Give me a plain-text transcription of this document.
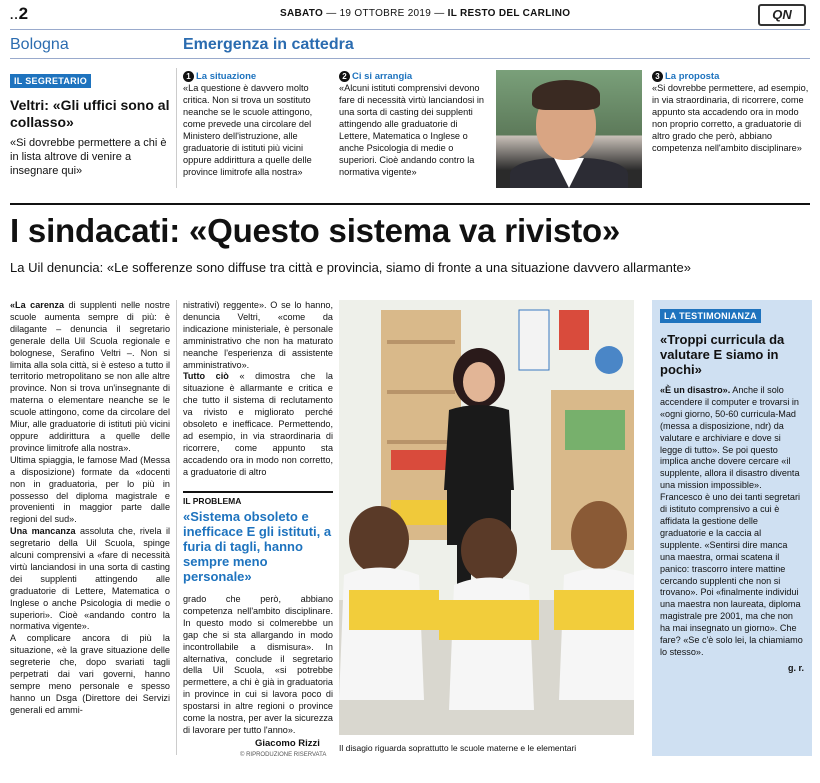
..2	SABATO — 19 OTTOBRE 2019 — IL RESTO DEL CARLINO	QN
Bologna	Emergenza in cattedra
IL SEGRETARIO
Veltri: «Gli uffici sono al collasso»
«Si dovrebbe permettere a chi è in lista altrove di venire a insegnare qui»
1 La situazione
«La questione è davvero molto critica. Non si trova un sostituto neanche se le scuole attingono, come prevede una circolare del Ministero dell'istruzione, alle graduatorie di istituti più vicini oppure addirittura a quelle delle province limitrofe alla nostra»
2 Ci si arrangia
«Alcuni istituti comprensivi devono fare di necessità virtù lanciandosi in una sorta di casting dei supplenti attingendo alle graduatorie di Lettere, Matematica o Inglese o anche Psicologia di medie o superiori. Cioè andando contro la normativa vigente»
3 La proposta
«Si dovrebbe permettere, ad esempio, in via straordinaria, di ricorrere, come appunto sta accadendo ora in modo non proprio corretto, a graduatorie di altro grado che però, abbiano competenza nell'ambito disciplinare»
I sindacati: «Questo sistema va rivisto»
La Uil denuncia: «Le sofferenze sono diffuse tra città e provincia, siamo di fronte a una situazione davvero allarmante»
«La carenza di supplenti nelle nostre scuole aumenta sempre di più: è dilagante – denuncia il segretario generale della Uil Scuola regionale e bolognese, Serafino Veltri –. Non si limita alla sola città, si è esteso a tutto il territorio metropolitano se non alle altre province. Non si trova un'insegnante di materna o elementare neanche se le scuole attingono, come da circolare del Miur, alle graduatorie di istituti più vicini oppure addirittura a quelle delle province limitrofe alla nostra».
Ultima spiaggia, le famose Mad (Messa a disposizione) formate da «docenti non in graduatoria, per lo più in possesso del diploma magistrale e provenienti in maggior parte dalle regioni del sud».
Una mancanza assoluta che, rivela il segretario della Uil Scuola, spinge alcuni comprensivi a «fare di necessità virtù lanciandosi in una sorta di casting dei supplenti attingendo alle graduatorie di Lettere, Matematica o Inglese o anche Psicologia di medie o superiori». Cioè «andando contro la normativa vigente».
A complicare ancora di più la situazione, «è la grave situazione delle segreterie che, dopo svariati tagli perpetrati dai vari governi, hanno sempre meno personale e spesso hanno un Dsga (Direttore dei Servizi generali ed ammi-
nistrativi) reggente». O se lo hanno, denuncia Veltri, «come da indicazione ministeriale, è personale amministrativo che non ha maturato neanche l'esperienza di assistente amministrativo».
Tutto ciò « dimostra che la situazione è allarmante e critica e che tutto il sistema di reclutamento va rivisto e migliorato perché obsoleto e inefficace. Permettendo, ad esempio, in via straordinaria di ricorrere, come appunto sta accadendo ora in modo non corretto, a graduatorie di altro
IL PROBLEMA
«Sistema obsoleto e inefficace E gli istituti, a furia di tagli, hanno sempre meno personale»
grado che però, abbiano competenza nell'ambito disciplinare. In questo modo si colmerebbe un gap che si sta allargando in modo incontrollabile a dismisura». In alternativa, conclude il segretario della Uil Scuola, «si potrebbe permettere, a chi è già in graduatoria in province in cui si lavora poco di spostarsi in altre regioni o province come la nostra, per aver la sicurezza di lavorare per tutto l'anno».
Giacomo Rizzi
© RIPRODUZIONE RISERVATA
Il disagio riguarda soprattutto le scuole materne e le elementari
LA TESTIMONIANZA
«Troppi curricula da valutare E siamo in pochi»
«È un disastro». Anche il solo accendere il computer e trovarsi in «ogni giorno, 50-60 curricula-Mad (messa a disposizione, ndr) da valutare e archiviare e dove si legge di tutto». Se poi questo implica anche dovere cercare «il supplente, allora il disastro diventa una mission impossible». Francesco è uno dei tanti segretari di istituto comprensivo a cui è affidata la gestione delle graduatorie e la caccia al supplente. «Sentirsi dire manca una maestra, ormai scatena il panico: trascorro intere mattine cercando supplenti che non si trovano». Poi «finalmente individui una maestra non laureata, diploma magistrale pre 2001, ma che non ha mai insegnato un giorno». Che fare? «Se c'è solo lei, la chiamiamo lo stesso».
g. r.
